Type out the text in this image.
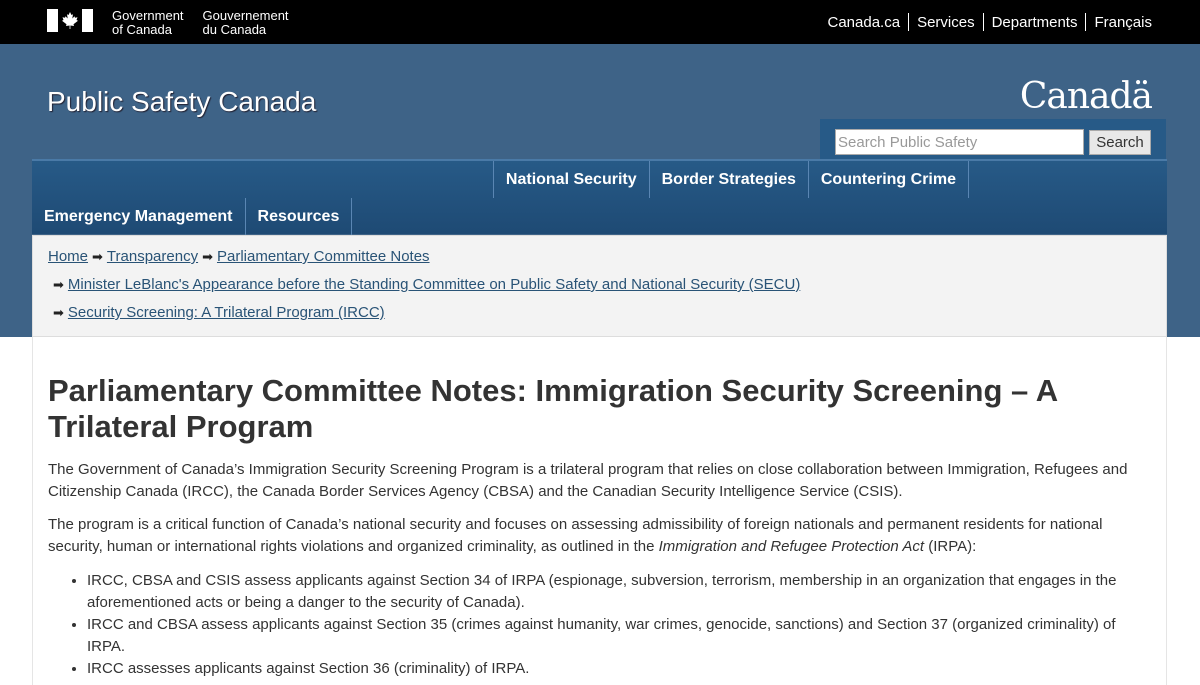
Government
of Canada
Gouvernement
du Canada	Canada.ca	Services	Departments	Français
Public Safety Canada	Canadä
Search Public Safety
Search
National Security	Border Strategies	Countering Crime
Emergency Management	Resources
Home ➡ Transparency ➡ Parliamentary Committee Notes
➡ Minister LeBlanc's Appearance before the Standing Committee on Public Safety and National Security (SECU)
➡ Security Screening: A Trilateral Program (IRCC)
Parliamentary Committee Notes: Immigration Security Screening – A Trilateral Program

The Government of Canada’s Immigration Security Screening Program is a trilateral program that relies on close collaboration between Immigration, Refugees and Citizenship Canada (IRCC), the Canada Border Services Agency (CBSA) and the Canadian Security Intelligence Service (CSIS).

The program is a critical function of Canada’s national security and focuses on assessing admissibility of foreign nationals and permanent residents for national security, human or international rights violations and organized criminality, as outlined in the Immigration and Refugee Protection Act (IRPA):

• IRCC, CBSA and CSIS assess applicants against Section 34 of IRPA (espionage, subversion, terrorism, membership in an organization that engages in the aforementioned acts or being a danger to the security of Canada).
• IRCC and CBSA assess applicants against Section 35 (crimes against humanity, war crimes, genocide, sanctions) and Section 37 (organized criminality) of IRPA.
• IRCC assesses applicants against Section 36 (criminality) of IRPA.
